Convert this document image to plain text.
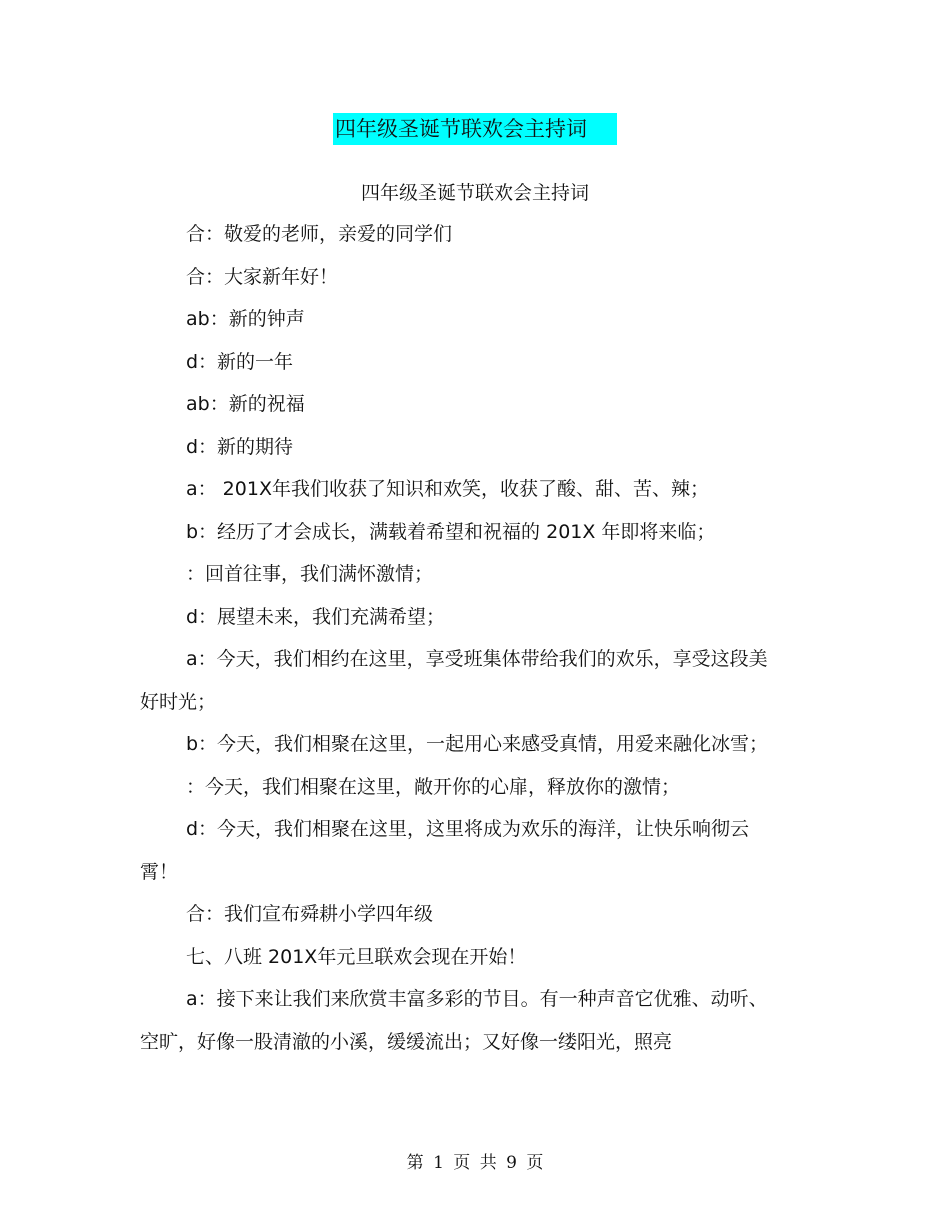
四年级圣诞节联欢会主持词
四年级圣诞节联欢会主持词

合：敬爱的老师，亲爱的同学们

合：大家新年好！

ab：新的钟声

d：新的一年

ab：新的祝福

d：新的期待

a： 201X年我们收获了知识和欢笑，收获了酸、甜、苦、辣；

b：经历了才会成长，满载着希望和祝福的 201X 年即将来临；

：回首往事，我们满怀激情；

d：展望未来，我们充满希望；

a：今天，我们相约在这里，享受班集体带给我们的欢乐，享受这段美好时光；

b：今天，我们相聚在这里，一起用心来感受真情，用爱来融化冰雪；

：今天，我们相聚在这里，敞开你的心扉，释放你的激情；

d：今天，我们相聚在这里，这里将成为欢乐的海洋，让快乐响彻云霄！

合：我们宣布舜耕小学四年级

七、八班 201X年元旦联欢会现在开始！

a：接下来让我们来欣赏丰富多彩的节目。有一种声音它优雅、动听、空旷，好像一股清澈的小溪，缓缓流出；又好像一缕阳光，照亮

第 1 页 共 9 页
